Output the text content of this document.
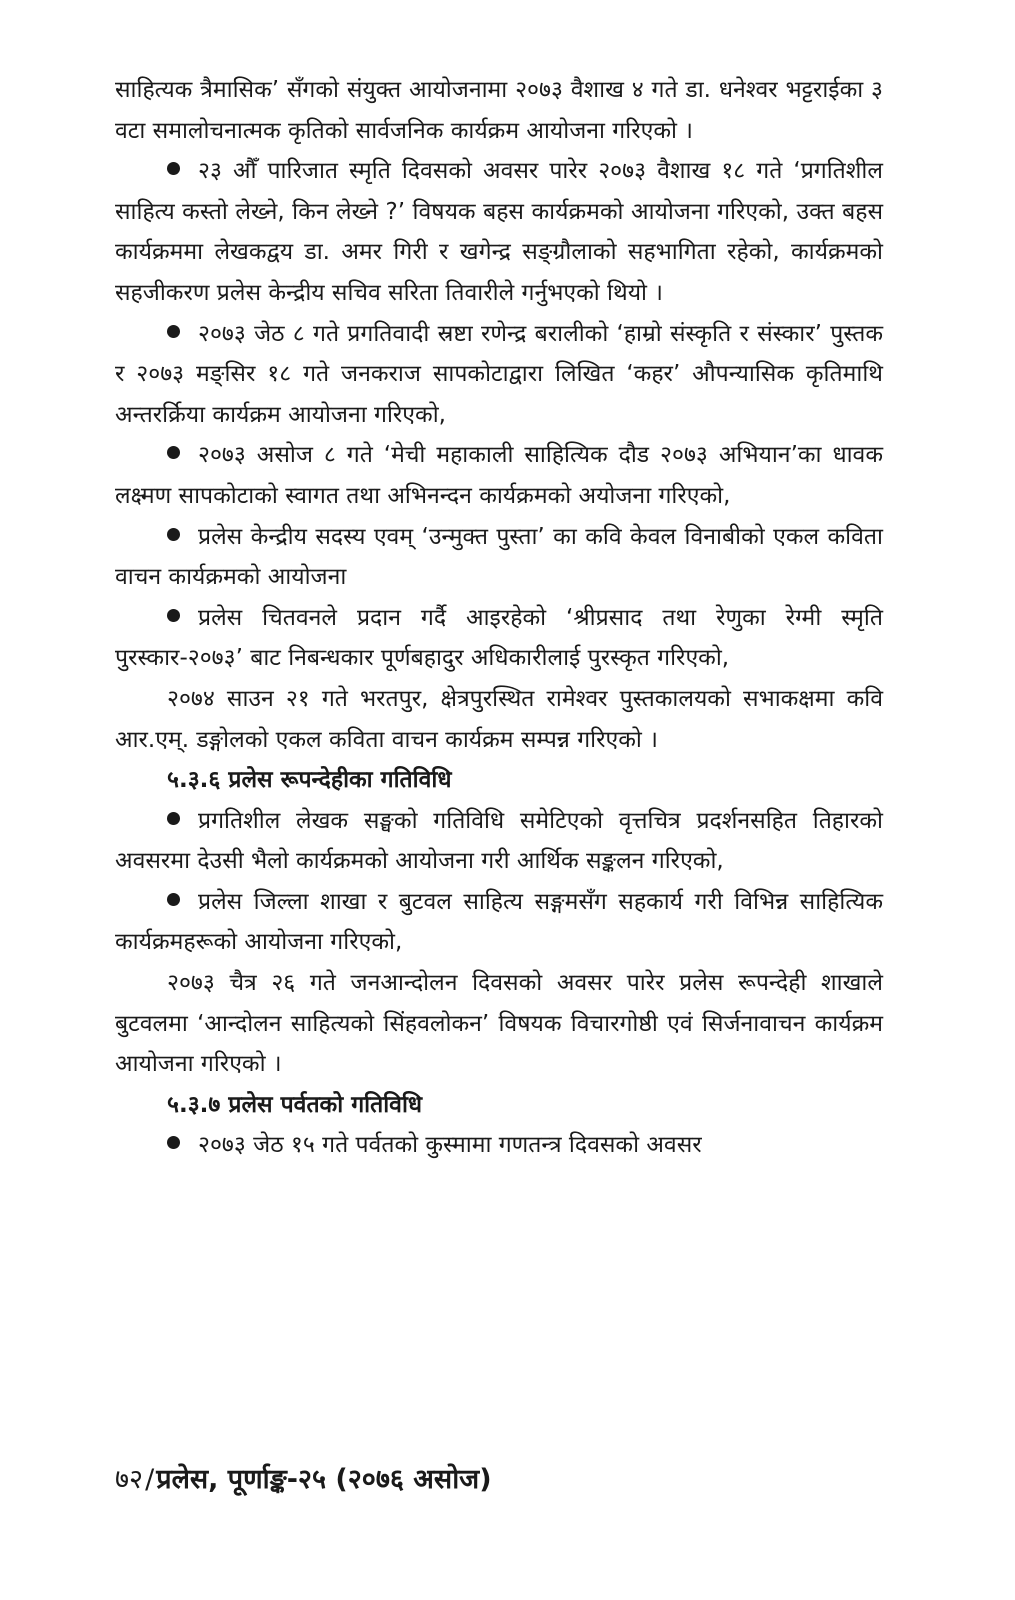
साहित्यक त्रैमासिक’ सँगको संयुक्त आयोजनामा २०७३ वैशाख ४ गते डा. धनेश्वर भट्टराईका ३ वटा समालोचनात्मक कृतिको सार्वजनिक कार्यक्रम आयोजना गरिएको ।

२३ औँ पारिजात स्मृति दिवसको अवसर पारेर २०७३ वैशाख १८ गते ‘प्रगतिशील साहित्य कस्तो लेख्ने, किन लेख्ने ?’ विषयक बहस कार्यक्रमको आयोजना गरिएको, उक्त बहस कार्यक्रममा लेखकद्वय डा. अमर गिरी र खगेन्द्र सङ्ग्रौलाको सहभागिता रहेको, कार्यक्रमको सहजीकरण प्रलेस केन्द्रीय सचिव सरिता तिवारीले गर्नुभएको थियो ।

२०७३ जेठ ८ गते प्रगतिवादी स्रष्टा रणेन्द्र बरालीको ‘हाम्रो संस्कृति र संस्कार’ पुस्तक र २०७३ मङ्सिर १८ गते जनकराज सापकोटाद्वारा लिखित ‘कहर’ औपन्यासिक कृतिमाथि अन्तरर्क्रिया कार्यक्रम आयोजना गरिएको,

२०७३ असोज ८ गते ‘मेची महाकाली साहित्यिक दौड २०७३ अभियान’का धावक लक्ष्मण सापकोटाको स्वागत तथा अभिनन्दन कार्यक्रमको अयोजना गरिएको,

प्रलेस केन्द्रीय सदस्य एवम् ‘उन्मुक्त पुस्ता’ का कवि केवल विनाबीको एकल कविता वाचन कार्यक्रमको आयोजना

प्रलेस चितवनले प्रदान गर्दै आइरहेको ‘श्रीप्रसाद तथा रेणुका रेग्मी स्मृति पुरस्कार-२०७३’ बाट निबन्धकार पूर्णबहादुर अधिकारीलाई पुरस्कृत गरिएको,

२०७४ साउन २१ गते भरतपुर, क्षेत्रपुरस्थित रामेश्वर पुस्तकालयको सभाकक्षमा कवि आर.एम्. डङ्गोलको एकल कविता वाचन कार्यक्रम सम्पन्न गरिएको ।

५.३.६ प्रलेस रूपन्देहीका गतिविधि

प्रगतिशील लेखक सङ्घको गतिविधि समेटिएको वृत्तचित्र प्रदर्शनसहित तिहारको अवसरमा देउसी भैलो कार्यक्रमको आयोजना गरी आर्थिक सङ्कलन गरिएको,

प्रलेस जिल्ला शाखा र बुटवल साहित्य सङ्गमसँग सहकार्य गरी विभिन्न साहित्यिक कार्यक्रमहरूको आयोजना गरिएको,

२०७३ चैत्र २६ गते जनआन्दोलन दिवसको अवसर पारेर प्रलेस रूपन्देही शाखाले बुटवलमा ‘आन्दोलन साहित्यको सिंहवलोकन’ विषयक विचारगोष्ठी एवं सिर्जनावाचन कार्यक्रम आयोजना गरिएको ।

५.३.७ प्रलेस पर्वतको गतिविधि

२०७३ जेठ १५ गते पर्वतको कुस्मामा गणतन्त्र दिवसको अवसर

७२/प्रलेस, पूर्णाङ्क-२५ (२०७६ असोज)
